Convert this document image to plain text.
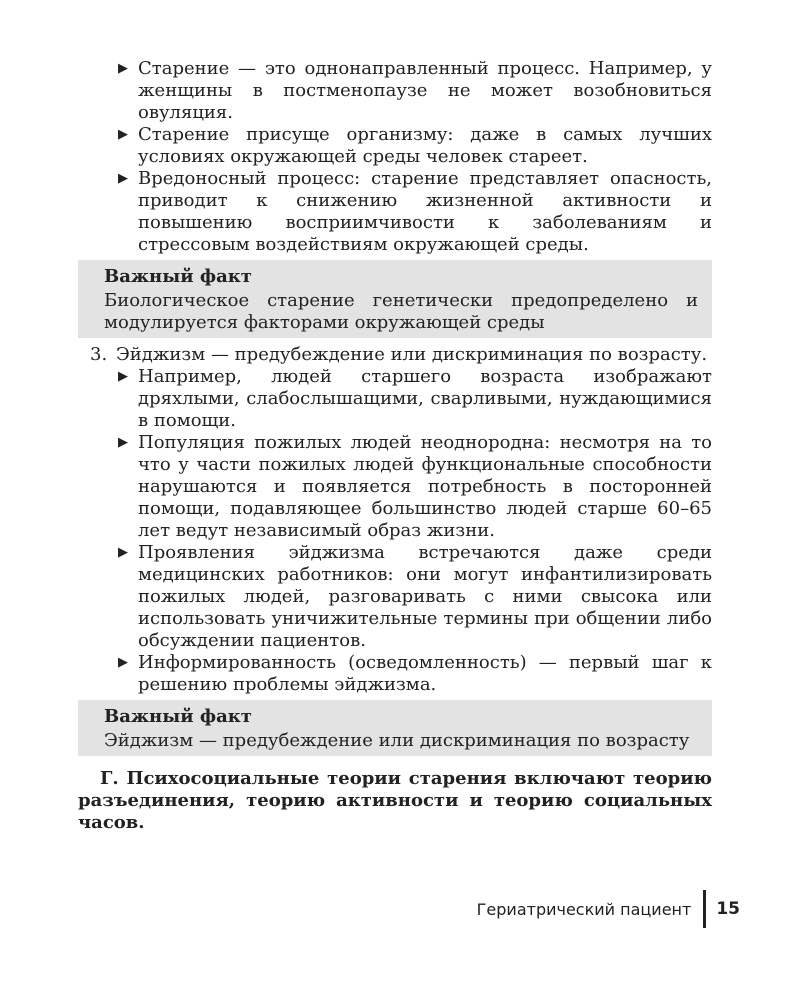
▶ Старение — это однонаправленный процесс. Например, у женщины в постменопаузе не может возобновиться овуляция.
▶ Старение присуще организму: даже в самых лучших условиях окружающей среды человек стареет.
▶ Вредоносный процесс: старение представляет опасность, приводит к снижению жизненной активности и повышению восприимчивости к заболеваниям и стрессовым воздействиям окружающей среды.
Важный факт
Биологическое старение генетически предопределено и модулируется факторами окружающей среды
3. Эйджизм — предубеждение или дискриминация по возрасту.
▶ Например, людей старшего возраста изображают дряхлыми, слабослышащими, сварливыми, нуждающимися в помощи.
▶ Популяция пожилых людей неоднородна: несмотря на то что у части пожилых людей функциональные способности нарушаются и появляется потребность в посторонней помощи, подавляющее большинство людей старше 60–65 лет ведут независимый образ жизни.
▶ Проявления эйджизма встречаются даже среди медицинских работников: они могут инфантилизировать пожилых людей, разговаривать с ними свысока или использовать уничижительные термины при общении либо обсуждении пациентов.
▶ Информированность (осведомленность) — первый шаг к решению проблемы эйджизма.
Важный факт
Эйджизм — предубеждение или дискриминация по возрасту
Г. Психосоциальные теории старения включают теорию разъединения, теорию активности и теорию социальных часов.
Гериатрический пациент 15
